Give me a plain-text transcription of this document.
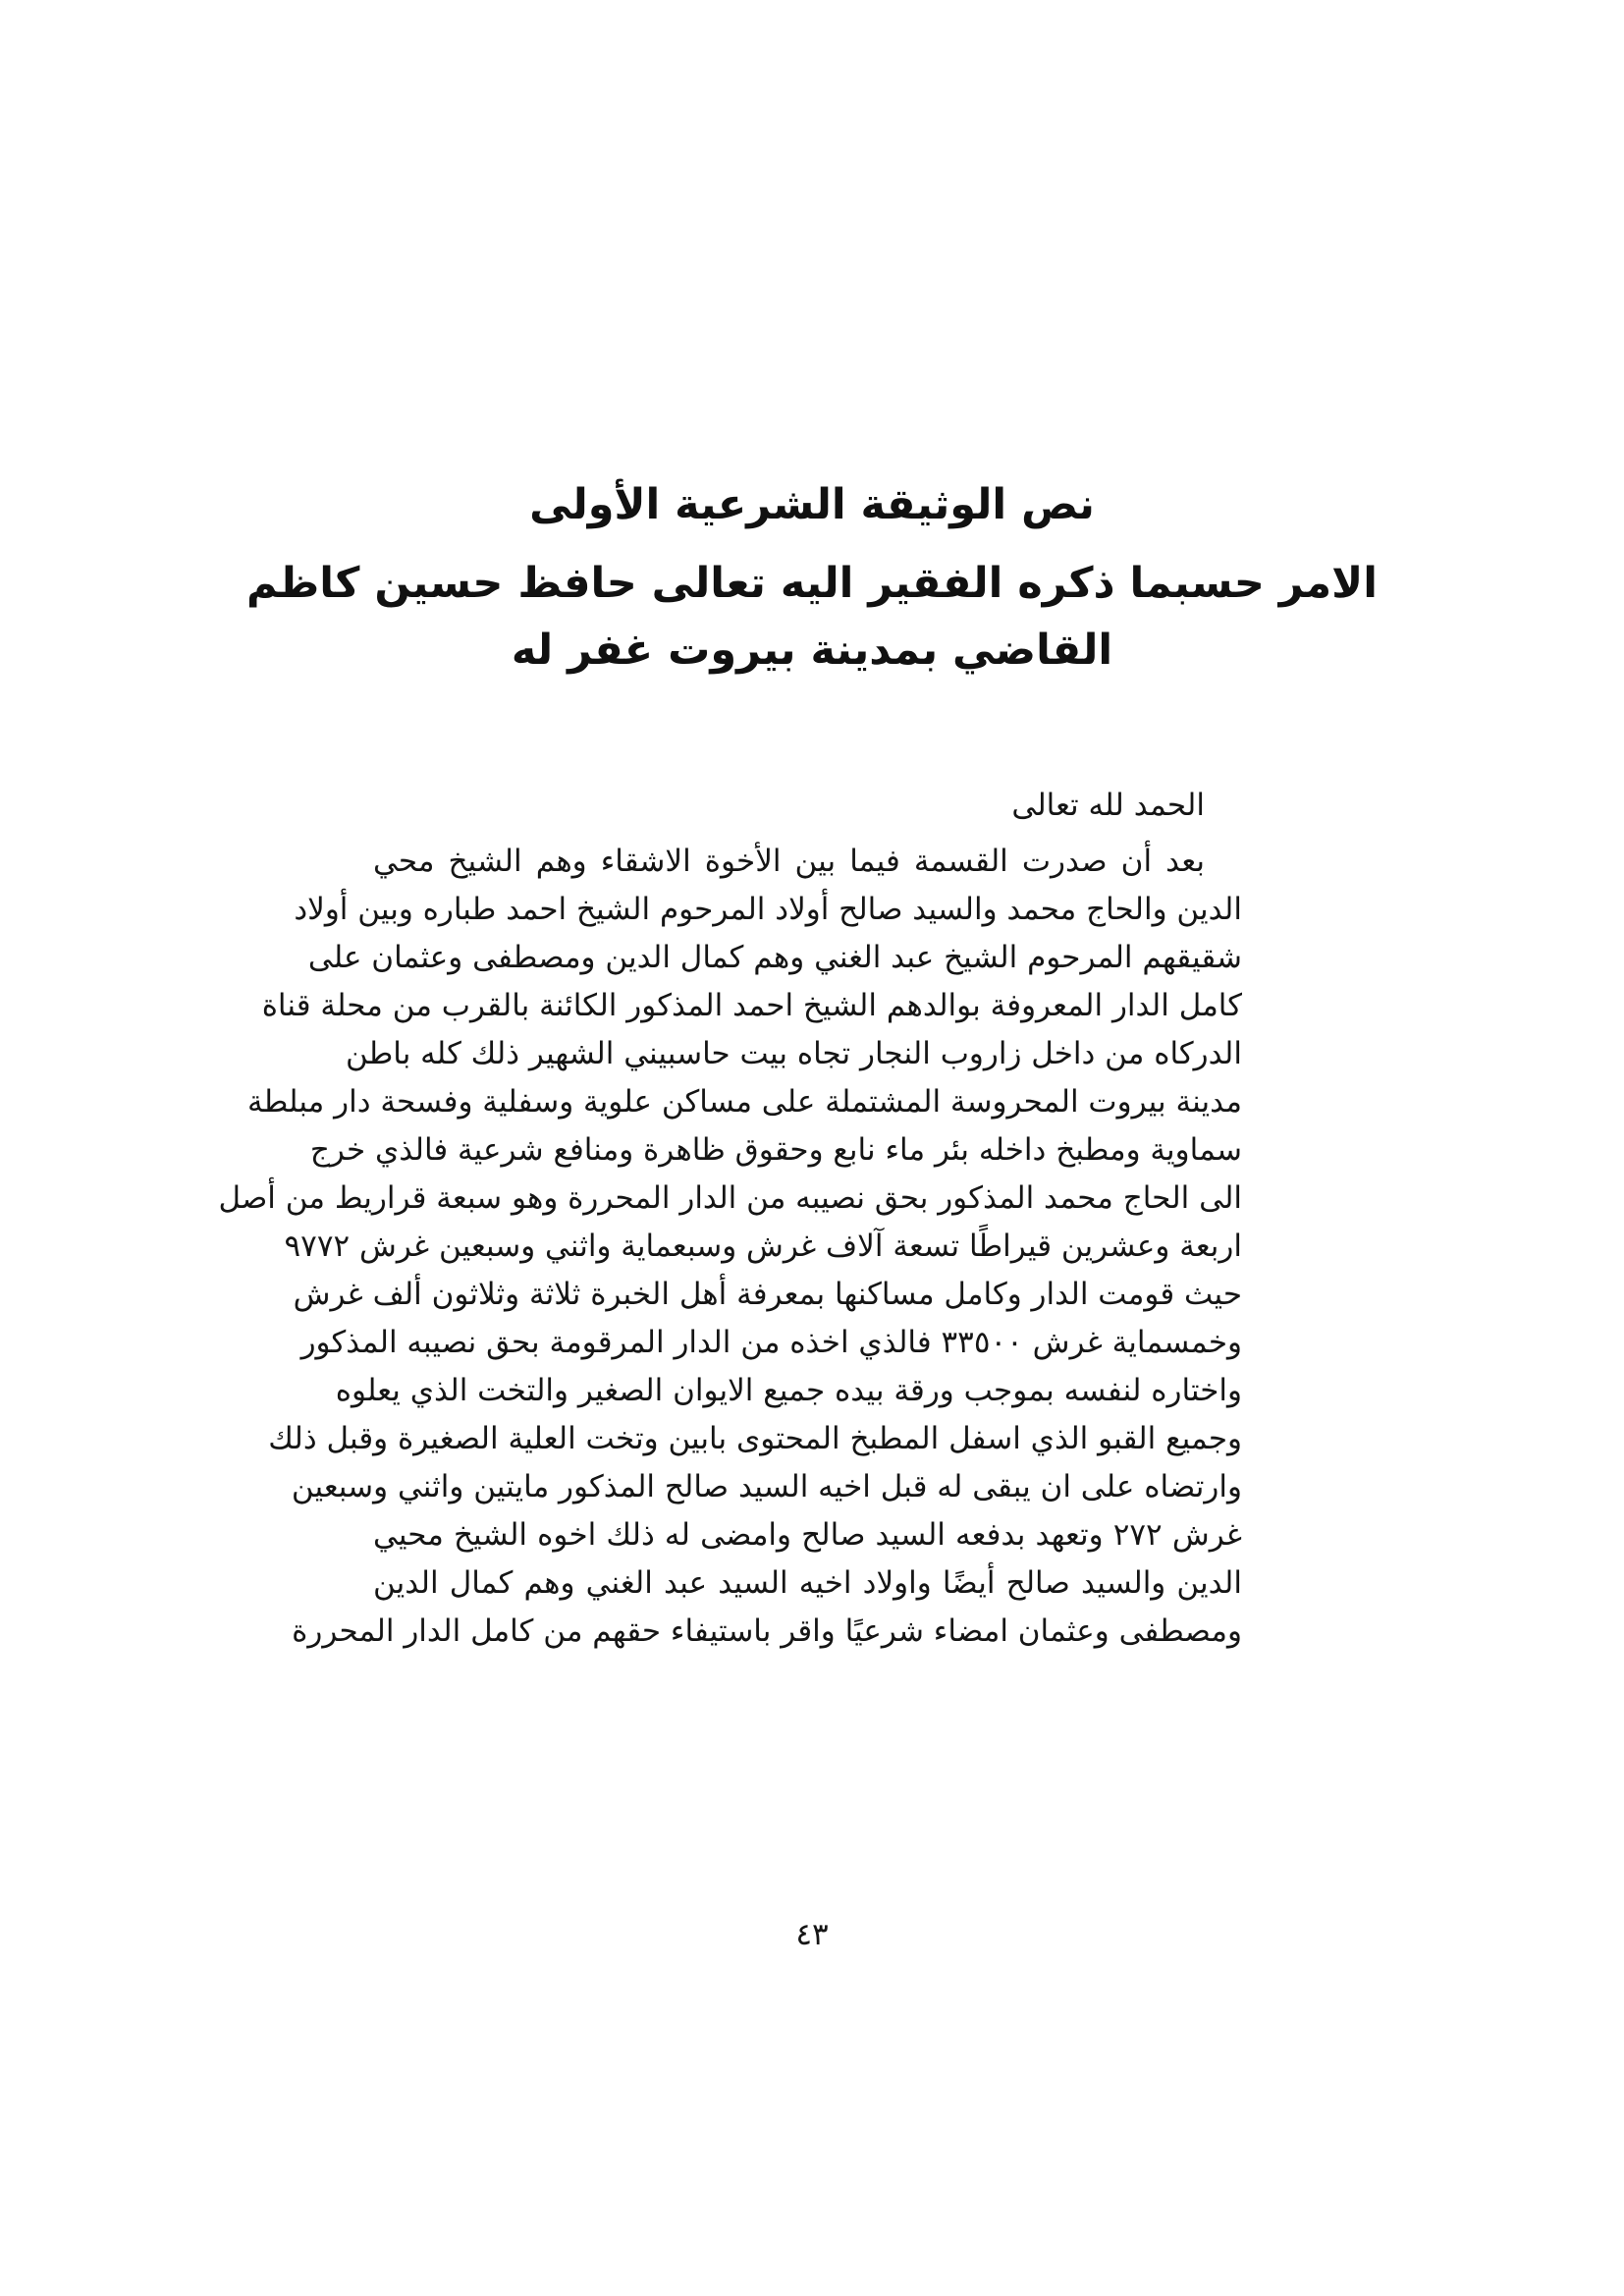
نص الوثيقة الشرعية الأولى
الامر حسبما ذكره الفقير اليه تعالى حافظ حسين كاظم
القاضي بمدينة بيروت غفر له
الحمد لله تعالى
بعد أن صدرت القسمة فيما بين الأخوة الاشقاء وهم الشيخ محي
الدين والحاج محمد والسيد صالح أولاد المرحوم الشيخ احمد طباره وبين أولاد
شقيقهم المرحوم الشيخ عبد الغني وهم كمال الدين ومصطفى وعثمان على
كامل الدار المعروفة بوالدهم الشيخ احمد المذكور الكائنة بالقرب من محلة قناة
الدركاه من داخل زاروب النجار تجاه بيت حاسبيني الشهير ذلك كله باطن
مدينة بيروت المحروسة المشتملة على مساكن علوية وسفلية وفسحة دار مبلطة
سماوية ومطبخ داخله بئر ماء نابع وحقوق ظاهرة ومنافع شرعية فالذي خرج
الى الحاج محمد المذكور بحق نصيبه من الدار المحررة وهو سبعة قراريط من أصل
اربعة وعشرين قيراطًا تسعة آلاف غرش وسبعماية واثني وسبعين غرش ٩٧٧٢
حيث قومت الدار وكامل مساكنها بمعرفة أهل الخبرة ثلاثة وثلاثون ألف غرش
وخمسماية غرش ٣٣٥٠٠ فالذي اخذه من الدار المرقومة بحق نصيبه المذكور
واختاره لنفسه بموجب ورقة بيده جميع الايوان الصغير والتخت الذي يعلوه
وجميع القبو الذي اسفل المطبخ المحتوى بابين وتخت العلية الصغيرة وقبل ذلك
وارتضاه على ان يبقى له قبل اخيه السيد صالح المذكور مايتين واثني وسبعين
غرش ٢٧٢ وتعهد بدفعه السيد صالح وامضى له ذلك اخوه الشيخ محيي
الدين والسيد صالح أيضًا واولاد اخيه السيد عبد الغني وهم كمال الدين
ومصطفى وعثمان امضاء شرعيًا واقر باستيفاء حقهم من كامل الدار المحررة
٤٣
